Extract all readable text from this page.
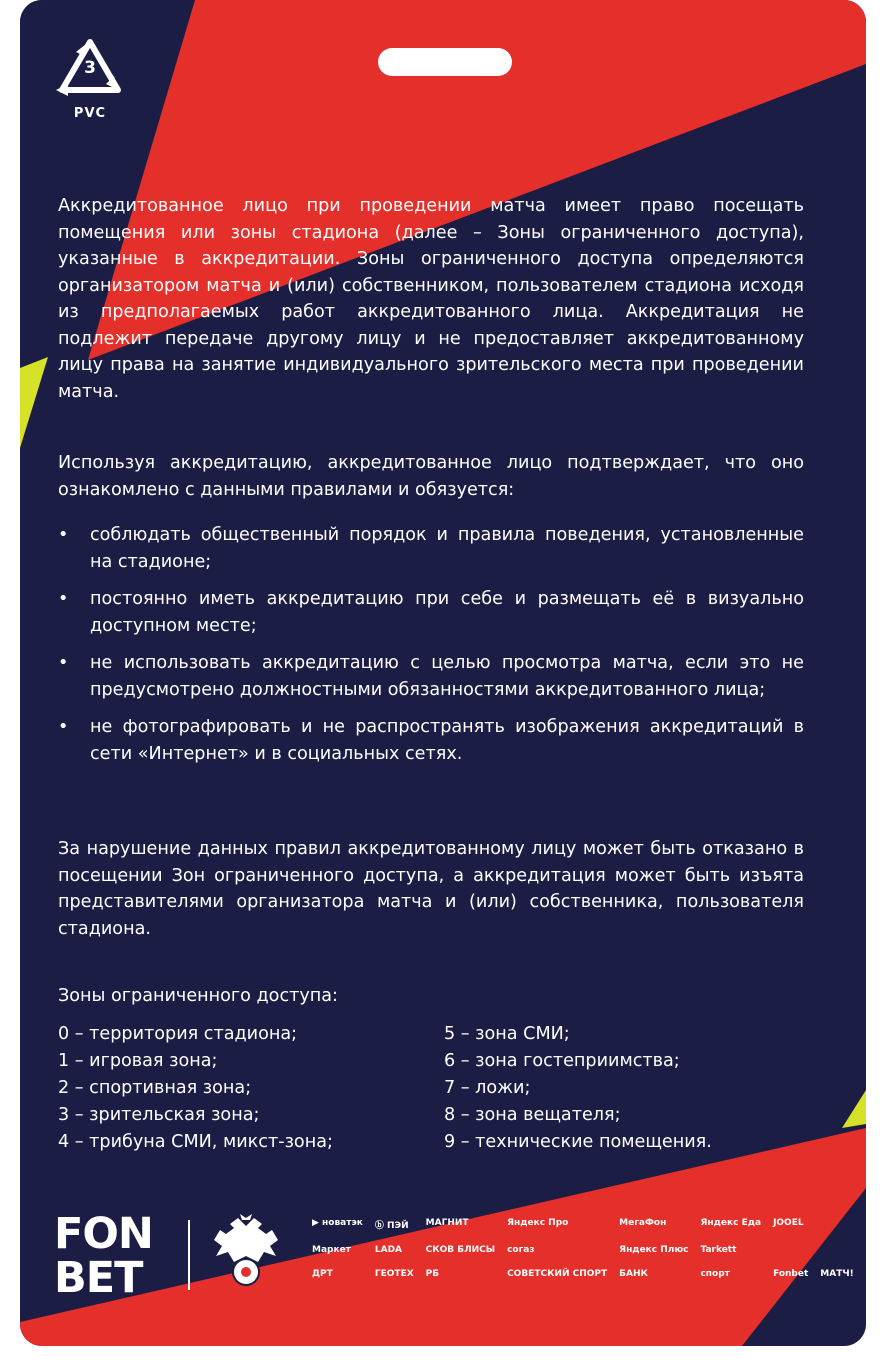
3
PVC
Аккредитованное лицо при проведении матча имеет право посещать помещения или зоны стадиона (далее – Зоны ограниченного доступа), указанные в аккредитации. Зоны ограниченного доступа определяются организатором матча и (или) собственником, пользователем стадиона исходя из предполагаемых работ аккредитованного лица. Аккредитация не подлежит передаче другому лицу и не предоставляет аккредитованному лицу права на занятие индивидуального зрительского места при проведении матча.
Используя аккредитацию, аккредитованное лицо подтверждает, что оно ознакомлено с данными правилами и обязуется:
• соблюдать общественный порядок и правила поведения, установленные на стадионе;
• постоянно иметь аккредитацию при себе и размещать её в визуально доступном месте;
• не использовать аккредитацию с целью просмотра матча, если это не предусмотрено должностными обязанностями аккредитованного лица;
• не фотографировать и не распространять изображения аккредитаций в сети «Интернет» и в социальных сетях.
За нарушение данных правил аккредитованному лицу может быть отказано в посещении Зон ограниченного доступа, а аккредитация может быть изъята представителями организатора матча и (или) собственника, пользователя стадиона.
Зоны ограниченного доступа:
0 – территория стадиона;
1 – игровая зона;
2 – спортивная зона;
3 – зрительская зона;
4 – трибуна СМИ, микст-зона;
5 – зона СМИ;
6 – зона гостеприимства;
7 – ложи;
8 – зона вещателя;
9 – технические помещения.
FON
BET
▶ новатэк ⓑ ПЭЙ	МАГНИТ	Яндекс Про	МегаФон	Яндекс Еда JOOEL
Маркет	LADA	СКОВ БЛИСЫ согаз	Яндекс Плюс Tarkett
ДРТ	ГЕОТЕХ РБ	СОВЕТСКИЙ СПОРТ БАНК	спорт	Fonbet МАТЧ!
